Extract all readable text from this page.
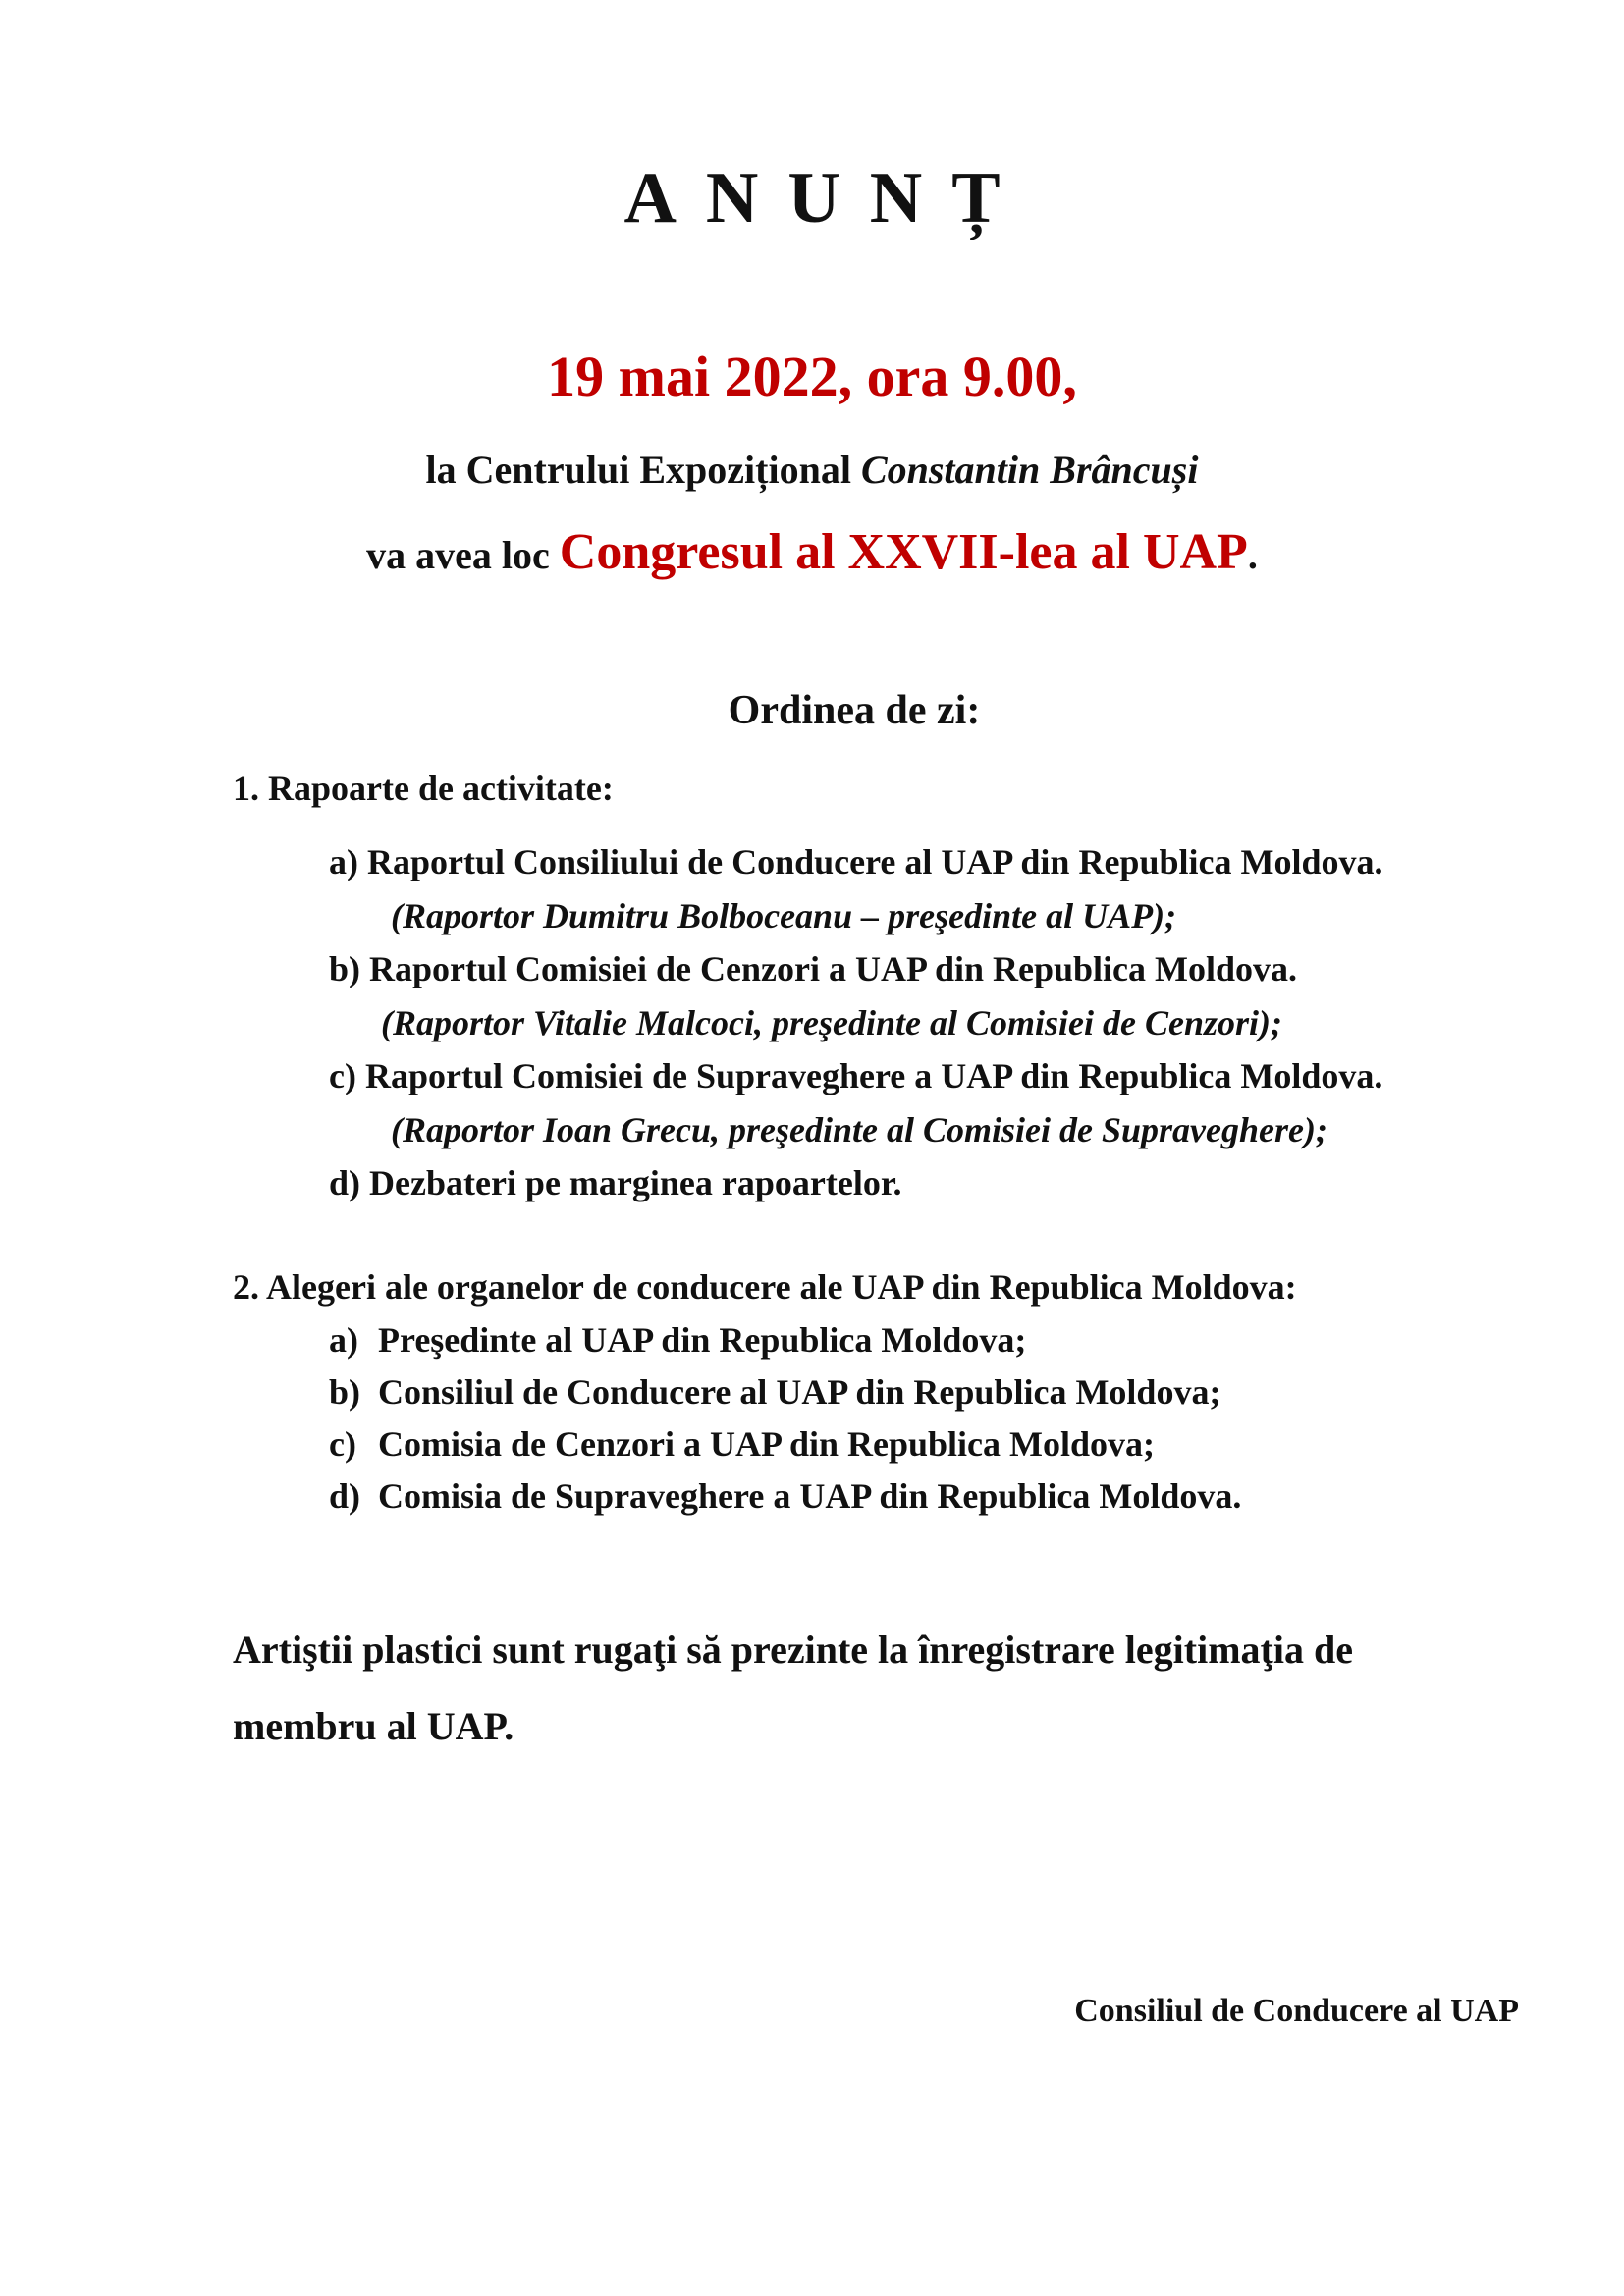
ANUNȚ
19 mai 2022, ora 9.00,
la Centrului Expozițional Constantin Brâncuși
va avea loc Congresul al XXVII-lea al UAP.
Ordinea de zi:
1. Rapoarte de activitate:
a) Raportul Consiliului de Conducere al UAP din Republica Moldova.
(Raportor Dumitru Bolboceanu – preşedinte al UAP);
b) Raportul Comisiei de Cenzori a UAP din Republica Moldova.
(Raportor Vitalie Malcoci, preşedinte al Comisiei de Cenzori);
c) Raportul Comisiei de Supraveghere a UAP din Republica Moldova.
(Raportor Ioan Grecu, preşedinte al Comisiei de Supraveghere);
d) Dezbateri pe marginea rapoartelor.
2. Alegeri ale organelor de conducere ale UAP din Republica Moldova:
a) Preşedinte al UAP din Republica Moldova;
b) Consiliul de Conducere al UAP din Republica Moldova;
c) Comisia de Cenzori a UAP din Republica Moldova;
d) Comisia de Supraveghere a UAP din Republica Moldova.
Artiştii plastici sunt rugaţi să prezinte la înregistrare legitimaţia de
membru al UAP.
Consiliul de Conducere al UAP
